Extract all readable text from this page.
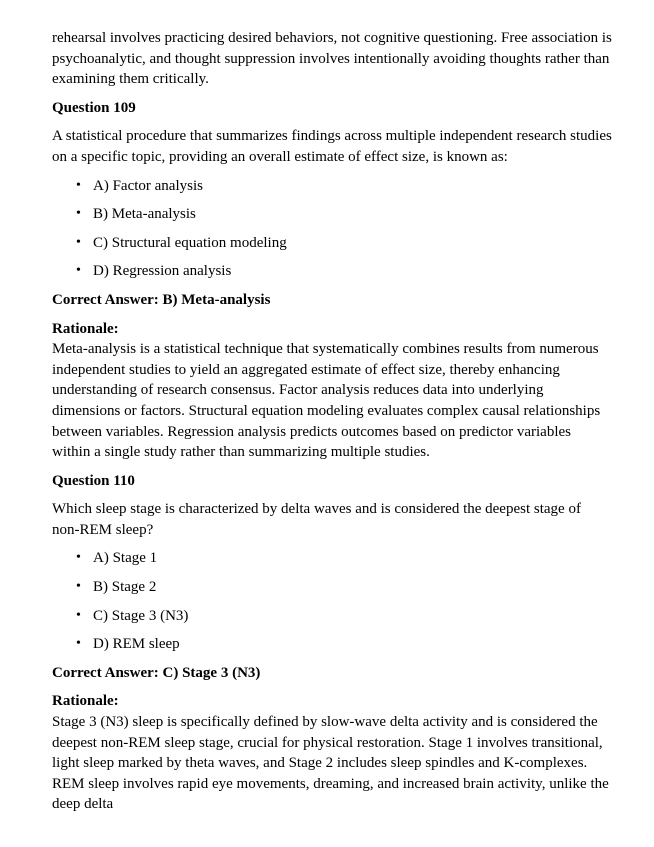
rehearsal involves practicing desired behaviors, not cognitive questioning. Free association is psychoanalytic, and thought suppression involves intentionally avoiding thoughts rather than examining them critically.

Question 109

A statistical procedure that summarizes findings across multiple independent research studies on a specific topic, providing an overall estimate of effect size, is known as:

• A) Factor analysis
• B) Meta-analysis
• C) Structural equation modeling
• D) Regression analysis

Correct Answer: B) Meta-analysis

Rationale:
Meta-analysis is a statistical technique that systematically combines results from numerous independent studies to yield an aggregated estimate of effect size, thereby enhancing understanding of research consensus. Factor analysis reduces data into underlying dimensions or factors. Structural equation modeling evaluates complex causal relationships between variables. Regression analysis predicts outcomes based on predictor variables within a single study rather than summarizing multiple studies.

Question 110

Which sleep stage is characterized by delta waves and is considered the deepest stage of non-REM sleep?

• A) Stage 1
• B) Stage 2
• C) Stage 3 (N3)
• D) REM sleep

Correct Answer: C) Stage 3 (N3)

Rationale:
Stage 3 (N3) sleep is specifically defined by slow-wave delta activity and is considered the deepest non-REM sleep stage, crucial for physical restoration. Stage 1 involves transitional, light sleep marked by theta waves, and Stage 2 includes sleep spindles and K-complexes. REM sleep involves rapid eye movements, dreaming, and increased brain activity, unlike the deep delta
